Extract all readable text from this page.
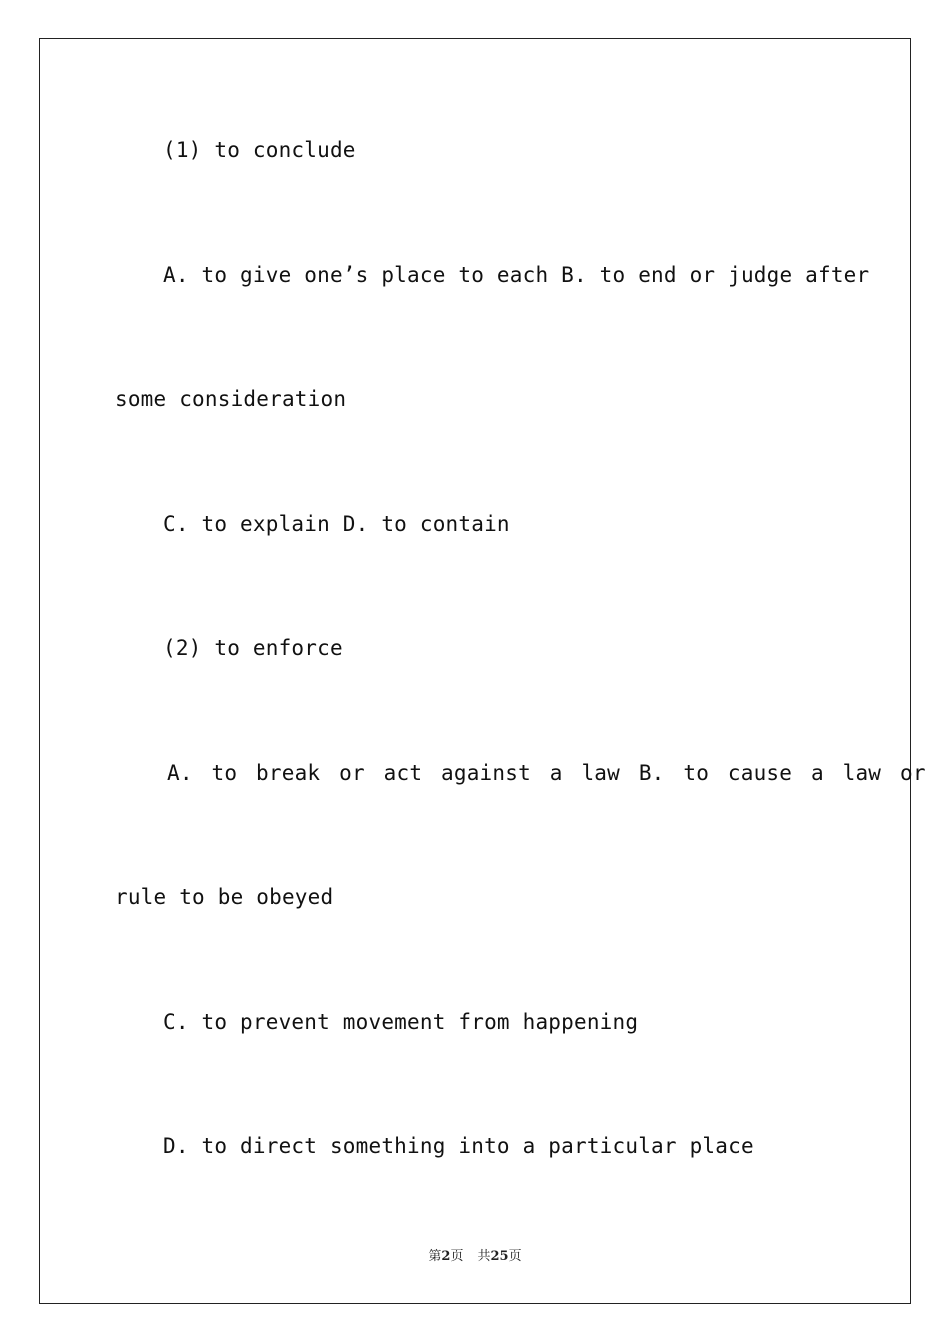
(1) to conclude
A. to give one’s place to each B. to end or judge after
some consideration
C. to explain D. to contain
(2) to enforce
A. to break or act against a law B. to cause a law or
rule to be obeyed
C. to prevent movement from happening
D. to direct something into a particular place
第2页 共25页
